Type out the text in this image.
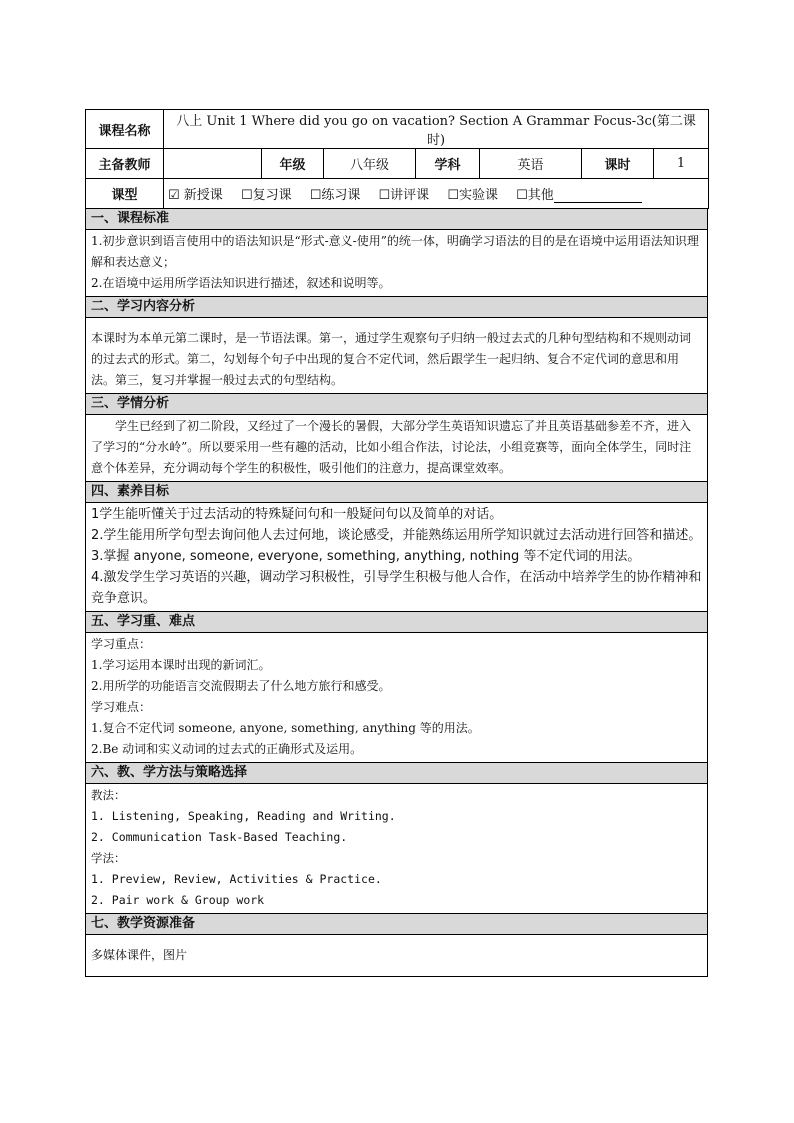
课程名称	八上 Unit 1 Where did you go on vacation? Section A Grammar Focus-3c(第二课时)						
主备教师		年级	八年级	学科	英语	课时	1
课型	☑ 新授课 ☐复习课 ☐练习课 ☐讲评课 ☐实验课 ☐其他						
一、课程标准

1.初步意识到语言使用中的语法知识是“形式-意义-使用”的统一体，明确学习语法的目的是在语境中运用语法知识理解和表达意义；

2.在语境中运用所学语法知识进行描述，叙述和说明等。

二、学习内容分析

本课时为本单元第二课时，是一节语法课。第一，通过学生观察句子归纳一般过去式的几种句型结构和不规则动词的过去式的形式。第二，勾划每个句子中出现的复合不定代词，然后跟学生一起归纳、复合不定代词的意思和用法。第三，复习并掌握一般过去式的句型结构。

三、学情分析

学生已经到了初二阶段，又经过了一个漫长的暑假，大部分学生英语知识遗忘了并且英语基础参差不齐，进入了学习的“分水岭”。所以要采用一些有趣的活动，比如小组合作法，讨论法，小组竞赛等，面向全体学生，同时注意个体差异，充分调动每个学生的积极性，吸引他们的注意力，提高课堂效率。

四、素养目标

1学生能听懂关于过去活动的特殊疑问句和一般疑问句以及简单的对话。

2.学生能用所学句型去询问他人去过何地，谈论感受，并能熟练运用所学知识就过去活动进行回答和描述。

3.掌握 anyone, someone, everyone, something, anything, nothing 等不定代词的用法。

4.激发学生学习英语的兴趣，调动学习积极性，引导学生积极与他人合作，在活动中培养学生的协作精神和竞争意识。

五、学习重、难点

学习重点：

1.学习运用本课时出现的新词汇。

2.用所学的功能语言交流假期去了什么地方旅行和感受。

学习难点：

1.复合不定代词 someone, anyone, something, anything 等的用法。

2.Be 动词和实义动词的过去式的正确形式及运用。

六、教、学方法与策略选择

教法：

1. Listening, Speaking, Reading and Writing.

2. Communication Task-Based Teaching.

学法：

1. Preview, Review, Activities & Practice.

2. Pair work & Group work

七、教学资源准备

多媒体课件，图片
